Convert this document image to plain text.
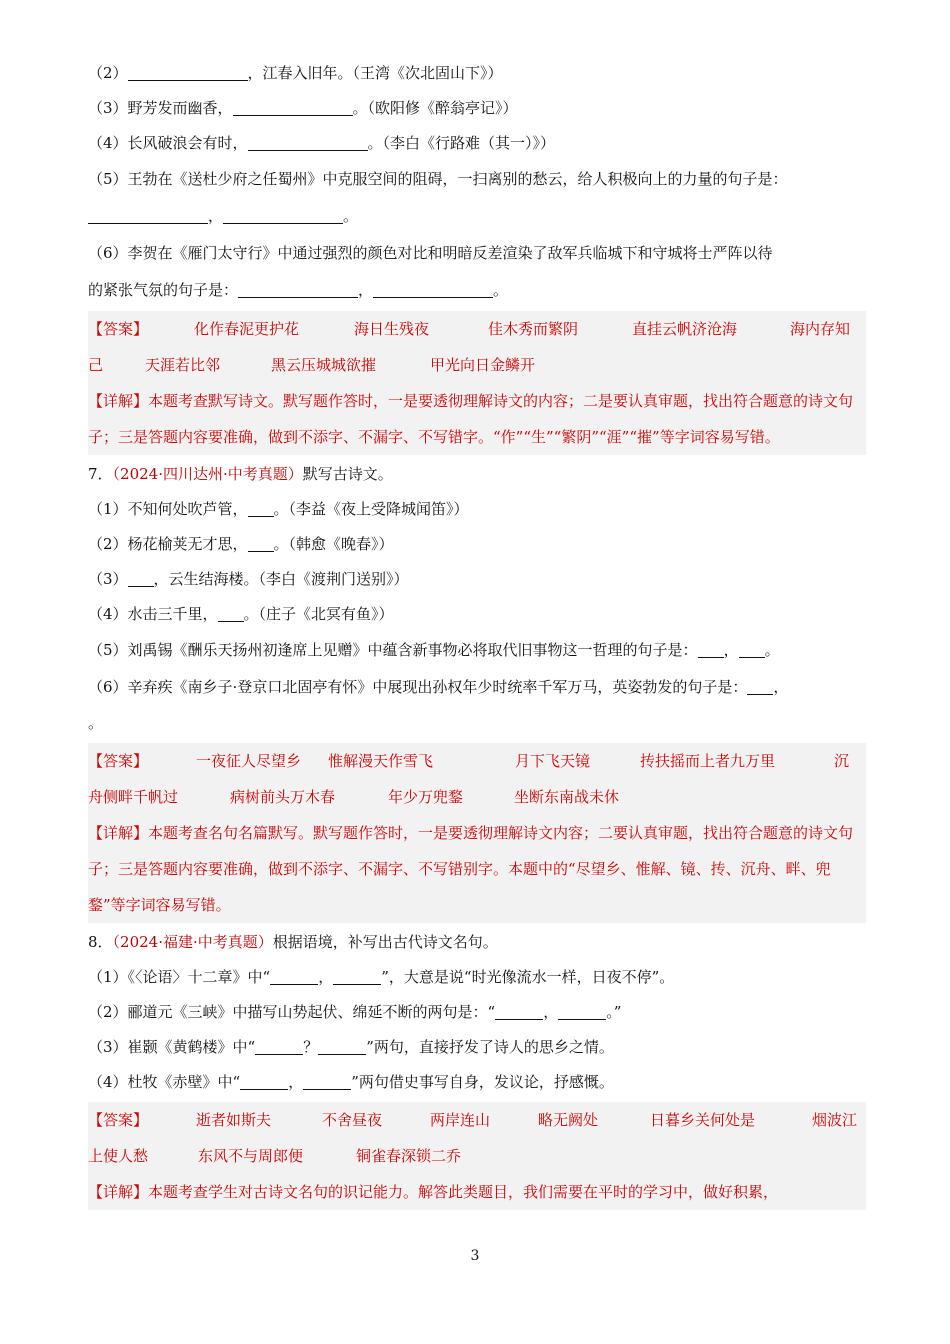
（2）	，江春入旧年。（王湾《次北固山下》）
（3）野芳发而幽香，	。（欧阳修《醉翁亭记》）
（4）长风破浪会有时，	。（李白《行路难（其一）》）
（5）王勃在《送杜少府之任蜀州》中克服空间的阻碍，一扫离别的愁云，给人积极向上的力量的句子是：
，	。
（6）李贺在《雁门太守行》中通过强烈的颜色对比和明暗反差渲染了敌军兵临城下和守城将士严阵以待
的紧张气氛的句子是：	，	。
【答案】	化作春泥更护花	海日生残夜	佳木秀而繁阴	直挂云帆济沧海	海内存知
己	天涯若比邻	黑云压城城欲摧	甲光向日金鳞开
【详解】本题考查默写诗文。默写题作答时，一是要透彻理解诗文的内容；二是要认真审题，找出符合题意的诗文句子；三是答题内容要准确，做到不添字、不漏字、不写错字。“作”“生”“繁阴”“涯”“摧”等字词容易写错。
7．（2024·四川达州·中考真题）默写古诗文。
（1）不知何处吹芦管， 。（李益《夜上受降城闻笛》）
（2）杨花榆荚无才思， 。（韩愈《晚春》）
（3） ，云生结海楼。（李白《渡荆门送别》）
（4）水击三千里， 。（庄子《北冥有鱼》）
（5）刘禹锡《酬乐天扬州初逢席上见赠》中蕴含新事物必将取代旧事物这一哲理的句子是： ， 。
（6）辛弃疾《南乡子·登京口北固亭有怀》中展现出孙权年少时统率千军万马，英姿勃发的句子是： ，
。
【答案】	一夜征人尽望乡	惟解漫天作雪飞	月下飞天镜	抟扶摇而上者九万里	沉
舟侧畔千帆过	病树前头万木春	年少万兜鍪	坐断东南战未休
【详解】本题考查名句名篇默写。默写题作答时，一是要透彻理解诗文内容；二要认真审题，找出符合题意的诗文句子；三是答题内容要准确，做到不添字、不漏字、不写错别字。本题中的“尽望乡、惟解、镜、抟、沉舟、畔、兜鍪”等字词容易写错。
8．（2024·福建·中考真题）根据语境，补写出古代诗文名句。
（1）《〈论语〉十二章》中“	，	”，大意是说“时光像流水一样，日夜不停”。
（2）郦道元《三峡》中描写山势起伏、绵延不断的两句是：“	，	。”
（3）崔颢《黄鹤楼》中“	？	”两句，直接抒发了诗人的思乡之情。
（4）杜牧《赤壁》中“	，	”两句借史事写自身，发议论，抒感慨。
【答案】	逝者如斯夫	不舍昼夜	两岸连山	略无阙处	日暮乡关何处是	烟波江
上使人愁	东风不与周郎便	铜雀春深锁二乔
【详解】本题考查学生对古诗文名句的识记能力。解答此类题目，我们需要在平时的学习中，做好积累，
3
